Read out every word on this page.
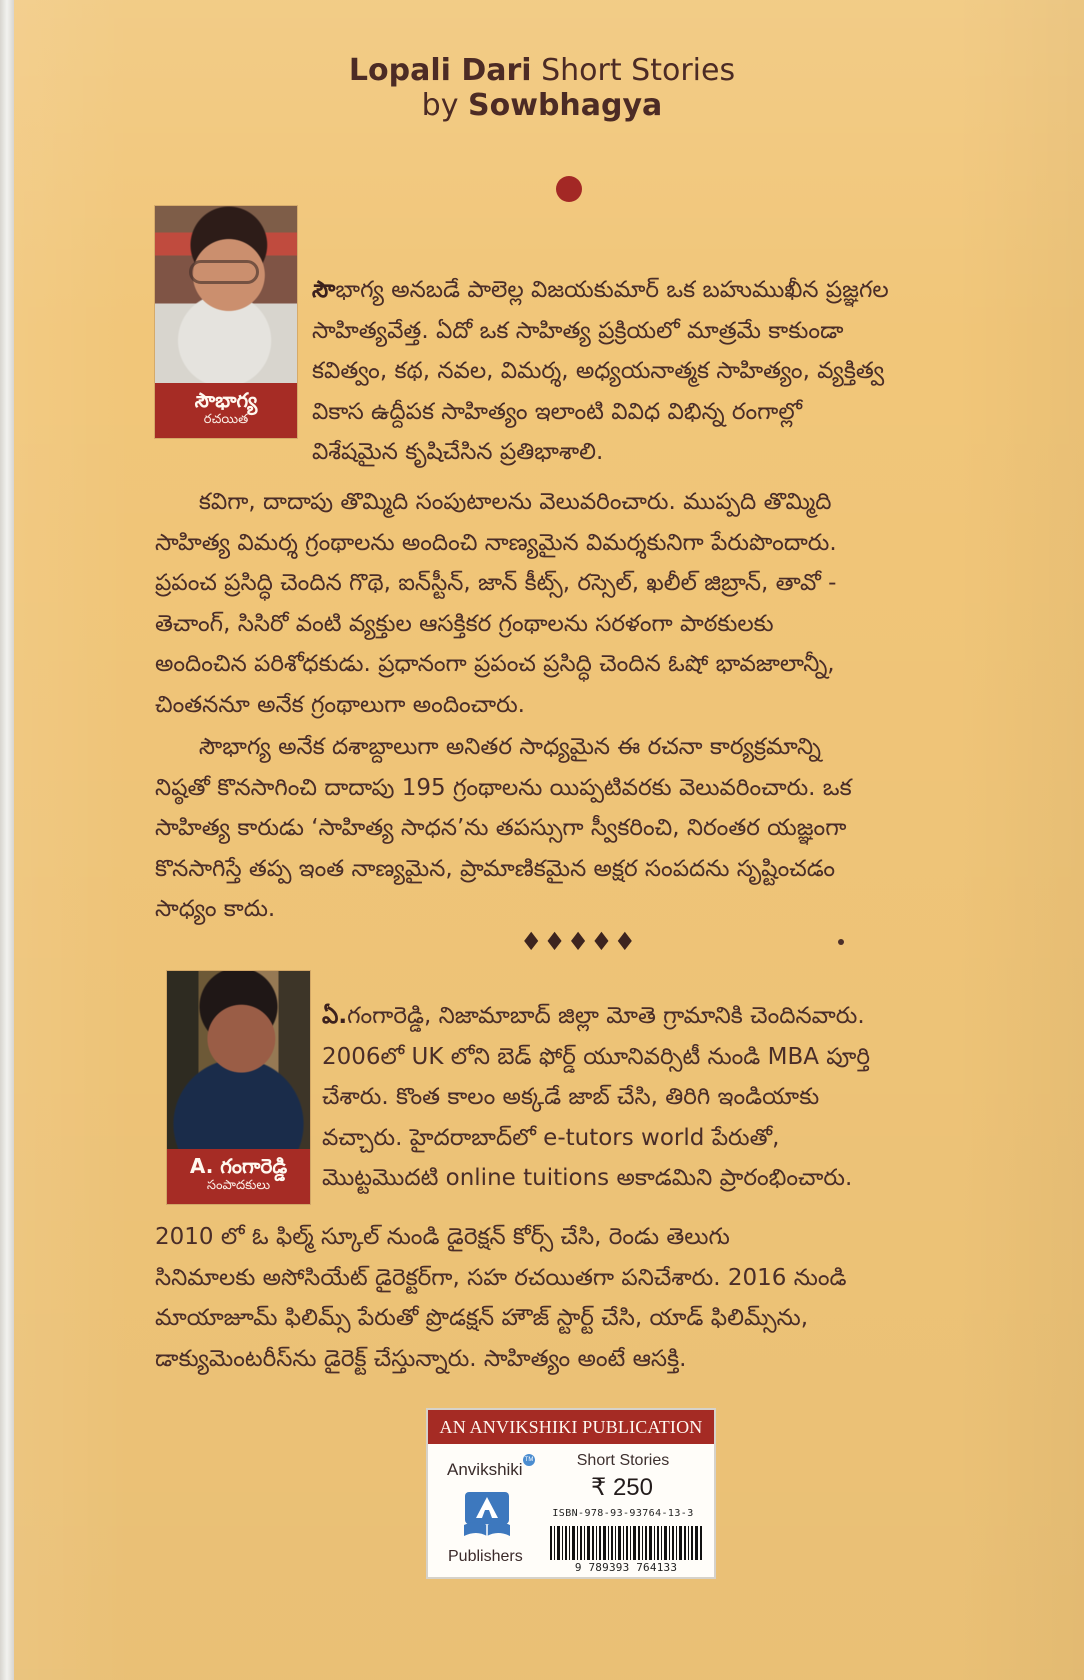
Lopali Dari Short Stories
by Sowbhagya
సౌభాగ్య
రచయిత
సౌభాగ్య అనబడే పాలెల్ల విజయకుమార్ ఒక బహుముఖీన ప్రజ్ఞగల
సాహిత్యవేత్త. ఏదో ఒక సాహిత్య ప్రక్రియలో మాత్రమే కాకుండా
కవిత్వం, కథ, నవల, విమర్శ, అధ్యయనాత్మక సాహిత్యం, వ్యక్తిత్వ
వికాస ఉద్దీపక సాహిత్యం ఇలాంటి వివిధ విభిన్న రంగాల్లో
విశేషమైన కృషిచేసిన ప్రతిభాశాలి.
కవిగా, దాదాపు తొమ్మిది సంపుటాలను వెలువరించారు. ముప్పది తొమ్మిది
సాహిత్య విమర్శ గ్రంథాలను అందించి నాణ్యమైన విమర్శకునిగా పేరుపొందారు.
ప్రపంచ ప్రసిద్ధి చెందిన గొథె, ఐన్‌స్టీన్, జాన్ కీట్స్, రస్సెల్, ఖలీల్ జిబ్రాన్, తావో -
తెచాంగ్, సిసిరో వంటి వ్యక్తుల ఆసక్తికర గ్రంథాలను సరళంగా పాఠకులకు
అందించిన పరిశోధకుడు. ప్రధానంగా ప్రపంచ ప్రసిద్ధి చెందిన ఓషో భావజాలాన్నీ,
చింతననూ అనేక గ్రంథాలుగా అందించారు.
సౌభాగ్య అనేక దశాబ్దాలుగా అనితర సాధ్యమైన ఈ రచనా కార్యక్రమాన్ని
నిష్ఠతో కొనసాగించి దాదాపు 195 గ్రంథాలను యిప్పటివరకు వెలువరించారు. ఒక
సాహిత్య కారుడు ‘సాహిత్య సాధన’ను తపస్సుగా స్వీకరించి, నిరంతర యజ్ఞంగా
కొనసాగిస్తే తప్ప ఇంత నాణ్యమైన, ప్రామాణికమైన అక్షర సంపదను సృష్టించడం
సాధ్యం కాదు.
♦♦♦♦♦
A. గంగారెడ్డి
సంపాదకులు
ఏ.గంగారెడ్డి, నిజామాబాద్ జిల్లా మోతె గ్రామానికి చెందినవారు.
2006లో UK లోని బెడ్ ఫోర్డ్ యూనివర్సిటీ నుండి MBA పూర్తి
చేశారు. కొంత కాలం అక్కడే జాబ్ చేసి, తిరిగి ఇండియాకు
వచ్చారు. హైదరాబాద్‌లో e-tutors world పేరుతో,
మొట్టమొదటి online tuitions అకాడమిని ప్రారంభించారు.
2010 లో ఓ ఫిల్మ్ స్కూల్ నుండి డైరెక్షన్ కోర్స్ చేసి, రెండు తెలుగు
సినిమాలకు అసోసియేట్ డైరెక్టర్‌గా, సహ రచయితగా పనిచేశారు. 2016 నుండి
మాయాజూమ్ ఫిలిమ్స్ పేరుతో ప్రొడక్షన్ హౌజ్ స్టార్ట్ చేసి, యాడ్ ఫిలిమ్స్‌ను,
డాక్యుమెంటరీస్‌ను డైరెక్ట్ చేస్తున్నారు. సాహిత్యం అంటే ఆసక్తి.
AN ANVIKSHIKI PUBLICATION
Anvikshiki TM
Publishers
Short Stories
₹ 250
ISBN-978-93-93764-13-3
9 789393 764133
